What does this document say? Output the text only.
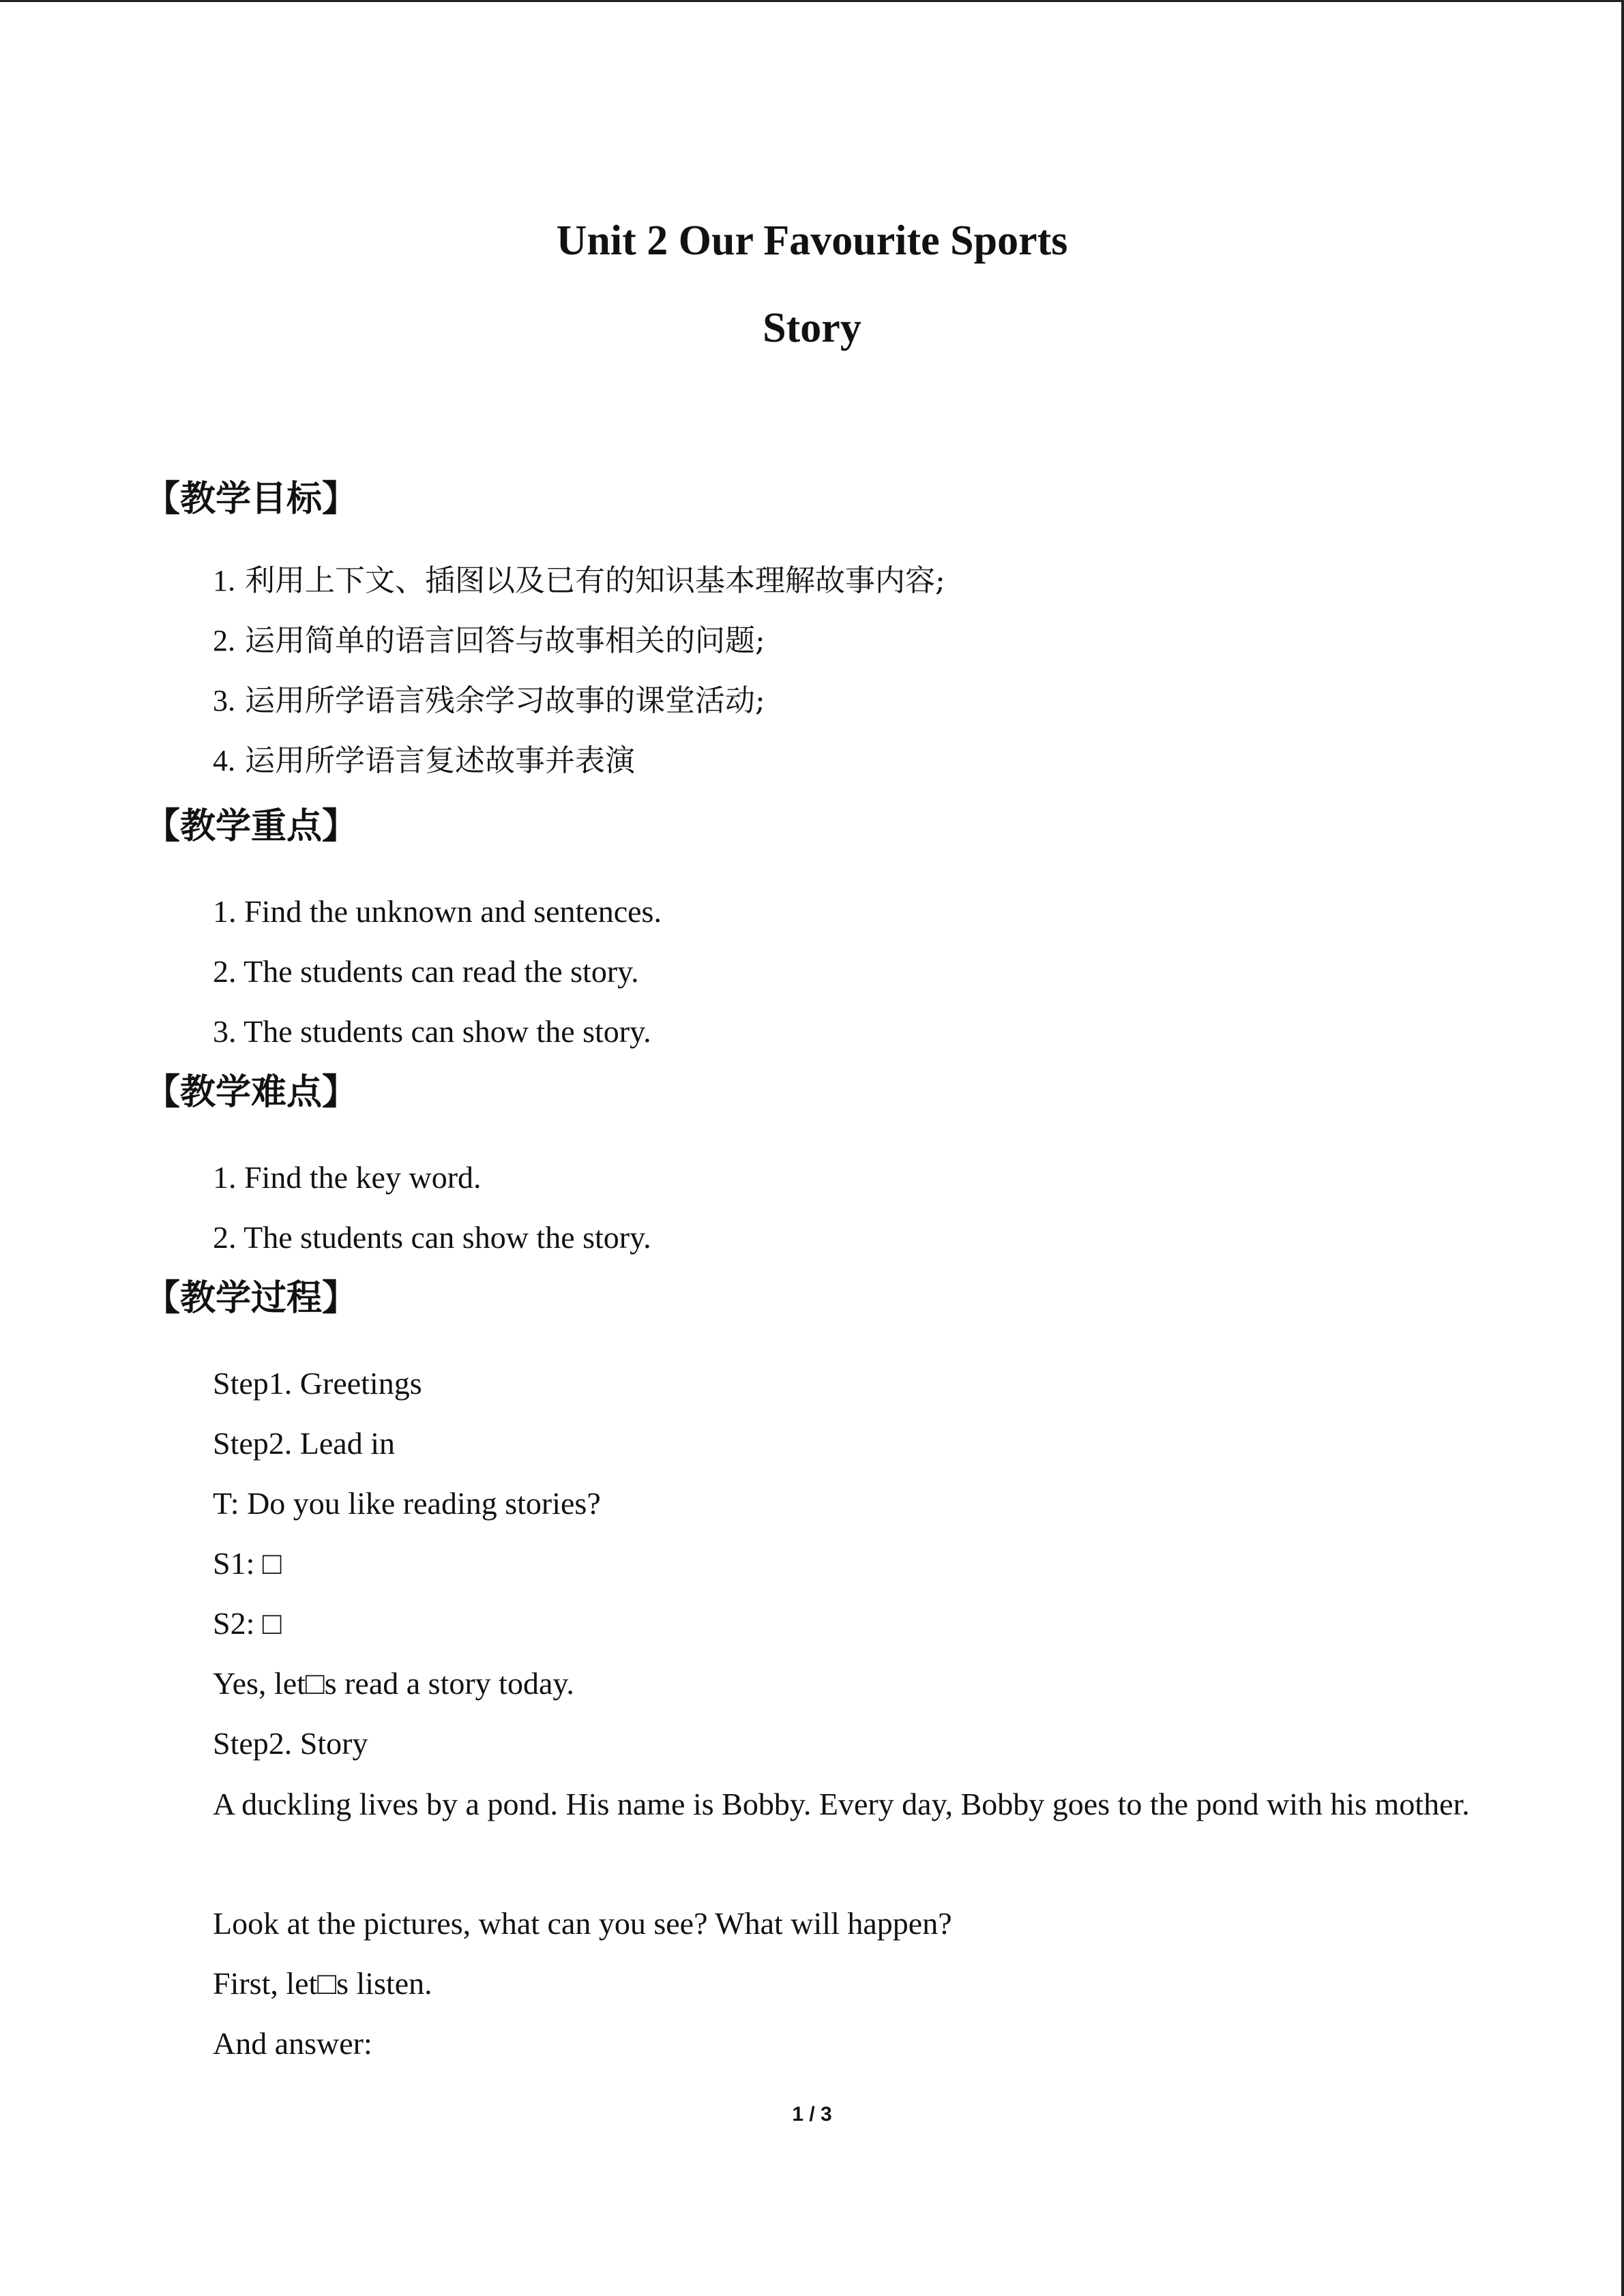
Unit 2 Our Favourite Sports
Story
【教学目标】
1. 利用上下文、插图以及已有的知识基本理解故事内容;
2. 运用简单的语言回答与故事相关的问题;
3. 运用所学语言残余学习故事的课堂活动;
4. 运用所学语言复述故事并表演
【教学重点】
1. Find the unknown and sentences.
2. The students can read the story.
3. The students can show the story.
【教学难点】
1. Find the key word.
2. The students can show the story.
【教学过程】
Step1. Greetings
Step2. Lead in
T: Do you like reading stories?
S1: □
S2: □
Yes, let□s read a story today.
Step2. Story
A duckling lives by a pond. His name is Bobby. Every day, Bobby goes to the pond with his mother.
Look at the pictures, what can you see? What will happen?
First, let□s listen.
And answer:
1 / 3
